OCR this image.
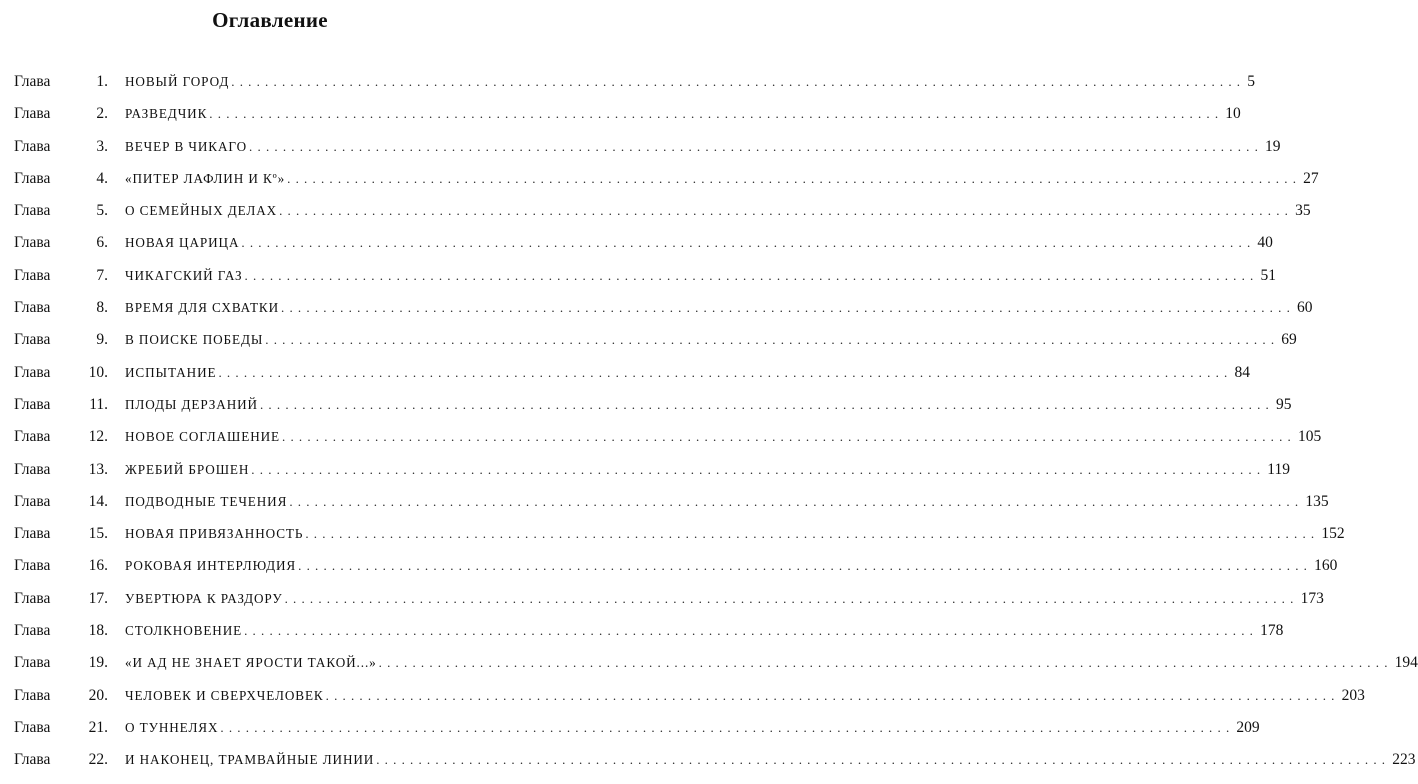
Оглавление
Глава	1. НОВЫЙ ГОРОД ........................................................................................................................ 5
Глава	2. РАЗВЕДЧИК ........................................................................................................................ 10
Глава	3. ВЕЧЕР В ЧИКАГО ........................................................................................................................ 19
Глава	4. «ПИТЕР ЛАФЛИН И Кº» ........................................................................................................................ 27
Глава	5. О СЕМЕЙНЫХ ДЕЛАХ ........................................................................................................................ 35
Глава	6. НОВАЯ ЦАРИЦА ........................................................................................................................ 40
Глава	7. ЧИКАГСКИЙ ГАЗ ........................................................................................................................ 51
Глава	8. ВРЕМЯ ДЛЯ СХВАТКИ ........................................................................................................................ 60
Глава	9. В ПОИСКЕ ПОБЕДЫ ........................................................................................................................ 69
Глава	10. ИСПЫТАНИЕ ........................................................................................................................ 84
Глава	11. ПЛОДЫ ДЕРЗАНИЙ ........................................................................................................................ 95
Глава	12. НОВОЕ СОГЛАШЕНИЕ ........................................................................................................................ 105
Глава	13. ЖРЕБИЙ БРОШЕН ........................................................................................................................ 119
Глава	14. ПОДВОДНЫЕ ТЕЧЕНИЯ ........................................................................................................................ 135
Глава	15. НОВАЯ ПРИВЯЗАННОСТЬ ........................................................................................................................ 152
Глава	16. РОКОВАЯ ИНТЕРЛЮДИЯ ........................................................................................................................ 160
Глава	17. УВЕРТЮРА К РАЗДОРУ ........................................................................................................................ 173
Глава	18. СТОЛКНОВЕНИЕ ........................................................................................................................ 178
Глава	19. «И АД НЕ ЗНАЕТ ЯРОСТИ ТАКОЙ...» ........................................................................................................................ 194
Глава	20. ЧЕЛОВЕК И СВЕРХЧЕЛОВЕК ........................................................................................................................ 203
Глава	21. О ТУННЕЛЯХ ........................................................................................................................ 209
Глава	22. И НАКОНЕЦ, ТРАМВАЙНЫЕ ЛИНИИ ........................................................................................................................ 223
